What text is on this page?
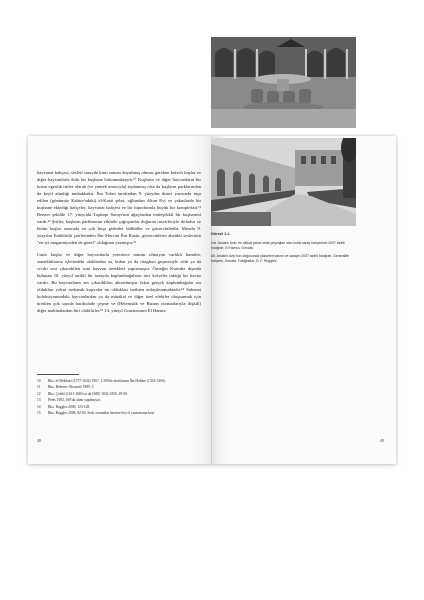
hayvanat bahçesi, seslerl sarayda kimi zaman duyulmuş olması gereken kafesli kuşlar ve diğer hayvanlarla dolu bir kuşhane bulunmaktaydı.¹⁰ Kuşların ve diğer hayvanların bir kısmı egzotik türler olarak (ve yemek amacıyla) toplanmış olsa da kuşların parklarından da keyif alındığı muhakkaktı. İbn Tolun tarafından 9. yüzyılın ikinci yarısında inşa edilen (günümüz Kahire'ndeki) el-Katai şehri, oğlundan Altun Evi ve yakınlarda bir kuşhane eklediği bahçeler, hayvanat bahçesi ve bir hipodromla büyük bir kompleksti.¹¹ Benzer şekilde 17. yüzyılda Topkapı Sarayı'nın ağaçlardan müteşekkil bir kuşhanesi vardı.¹² Şiirler, kuşların parklarının zihinde çağrışımlar doğuran tasvirleriyle doludur ve bütün kuşlar arasında en çok hoşa gidenler bülbüller ve güvercinlerdir. Mesela 9. yüzyılın Endülüslü şairlerinden İbn Mervan İbn Razin, güvercinlerin ahenkli seslerinin "en iyi maganniyeden de güzel" olduğunu yazmıştır.¹³

Canlı kuşlar ve diğer hayvanlarla yeterince tatmin olmayan varlıklı hamiler, sanatkârlarına içlerindeki olaklardan su, buhar ya da rüzgârın geçmesiyle ıslık ya da cıvıltı sesi çıkarabilen suni hayvan örnekleri yaptırmıştır. Örneğin Kurtuba dışında bulunan 10. yüzyıl tarihli bir sarayda kaplumbağaların inci kolyeler taktığı bir havuz vardır. Bu hayvanların ses çıkardıkları aktarılmıştır fakat gerçek kaplumbağalar mı oldukları yoksa mekanik kopyalar mı oldukları tarihten anlaşılmamaktadır.¹⁴ Saltanat koleksiyonundaki hayvanlardan ya da müzikal ve diğer özel efektler oluşturmak için üretilen çok sayıda harikulade çeşme ve (Helenistik ve Bizans otomatlarıyla ilişkili) diğer makinalardan biri olabilirler.¹⁵ 14. yüzyıl Gırnatasının El Hamra

10	Bkz. el-Mokkari (1577-1632) 1967, 1:380'de alıntılanan İbn Haldun (1332-1406).
11	Bkz. Behrens-Abouseif 1989, 5.
12	Bkz. Çelebi (1611-1684 ya da 1685) 1834-1850, 49-50.
13	Pérès 1983, 169'da alıntı yapılmıştır.
14	Bkz. Ruggles 2000, 123-128.
15	Bkz. Ruggles 2008, 82-83. Sesli otomatlar üzerine bey el yazmasının kısa
48	49
Görsel 1.1.

Üst. Arslanlı Avlu, en dikkat çekici ortak peyzajları olan kulisi saray bahçesinin 2007 tarihli fotoğrafı, El Hamra, Gırnata.

Alt. Arslanlı Avlu'nun doğusunda yükselen kasrın ve sarayın 2007 tarihli fotoğrafı, Generalife bahçesi, Gırnata. Fotoğraflar: D. F. Ruggles.
